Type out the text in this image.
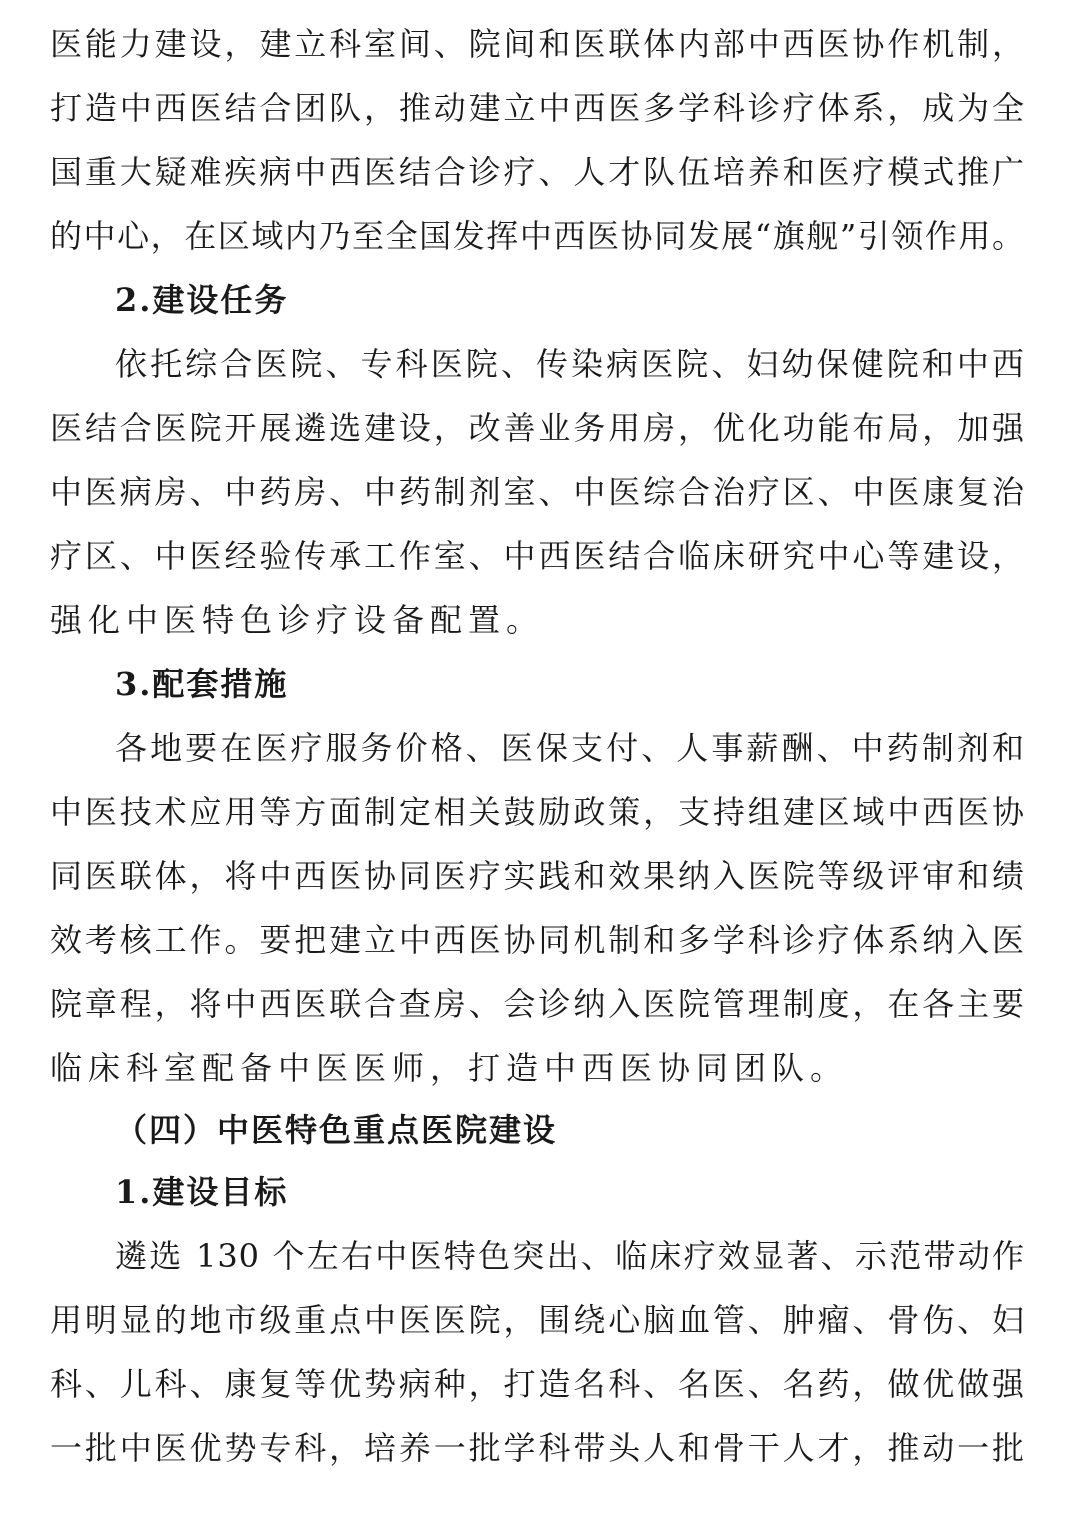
医能力建设，建立科室间、院间和医联体内部中西医协作机制，
打造中西医结合团队，推动建立中西医多学科诊疗体系，成为全
国重大疑难疾病中西医结合诊疗、人才队伍培养和医疗模式推广
的中心，在区域内乃至全国发挥中西医协同发展“旗舰”引领作用。
2.建设任务
依托综合医院、专科医院、传染病医院、妇幼保健院和中西
医结合医院开展遴选建设，改善业务用房，优化功能布局，加强
中医病房、中药房、中药制剂室、中医综合治疗区、中医康复治
疗区、中医经验传承工作室、中西医结合临床研究中心等建设，
强化中医特色诊疗设备配置。
3.配套措施
各地要在医疗服务价格、医保支付、人事薪酬、中药制剂和
中医技术应用等方面制定相关鼓励政策，支持组建区域中西医协
同医联体，将中西医协同医疗实践和效果纳入医院等级评审和绩
效考核工作。要把建立中西医协同机制和多学科诊疗体系纳入医
院章程，将中西医联合查房、会诊纳入医院管理制度，在各主要
临床科室配备中医医师，打造中西医协同团队。
（四）中医特色重点医院建设
1.建设目标
遴选 130 个左右中医特色突出、临床疗效显著、示范带动作
用明显的地市级重点中医医院，围绕心脑血管、肿瘤、骨伤、妇
科、儿科、康复等优势病种，打造名科、名医、名药，做优做强
一批中医优势专科，培养一批学科带头人和骨干人才，推动一批
